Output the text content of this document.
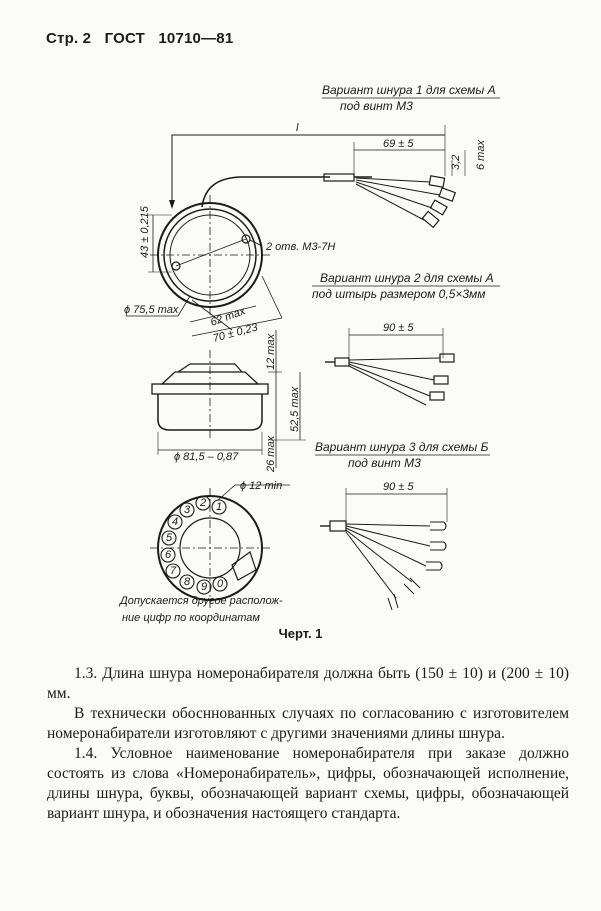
Стр. 2 ГОСТ 10710—81
1
2
3
4
5
6
7
8 9 0
Вариант шнура 1 для схемы А
под винт М3
l
69 ± 5
3,2 6 max
43 ± 0,215	2 отв. М3-7Н
ϕ 75,5 max	62 max
70 ± 0,23
Вариант шнура 2 для схемы А
под штырь размером 0,5×3мм
90 ± 5
12 max
52,5 max
26 max
ϕ 81,5 – 0,87
Вариант шнура 3 для схемы Б
под винт М3
90 ± 5
ϕ 12 min
Допускается другое располож-
ние цифр по координатам
Черт. 1

1.3. Длина шнура номеронабирателя должна быть (150 ± 10) и (200 ± 10) мм.

В технически обосннованных случаях по согласованию с изготовителем номеронабиратели изготовляют с другими значениями длины шнура.

1.4. Условное наименование номеронабирателя при заказе должно состоять из слова «Номеронабиратель», цифры, обозначающей исполнение, длины шнура, буквы, обозначающей вариант схемы, цифры, обозначающей вариант шнура, и обозначения настоящего стандарта.
